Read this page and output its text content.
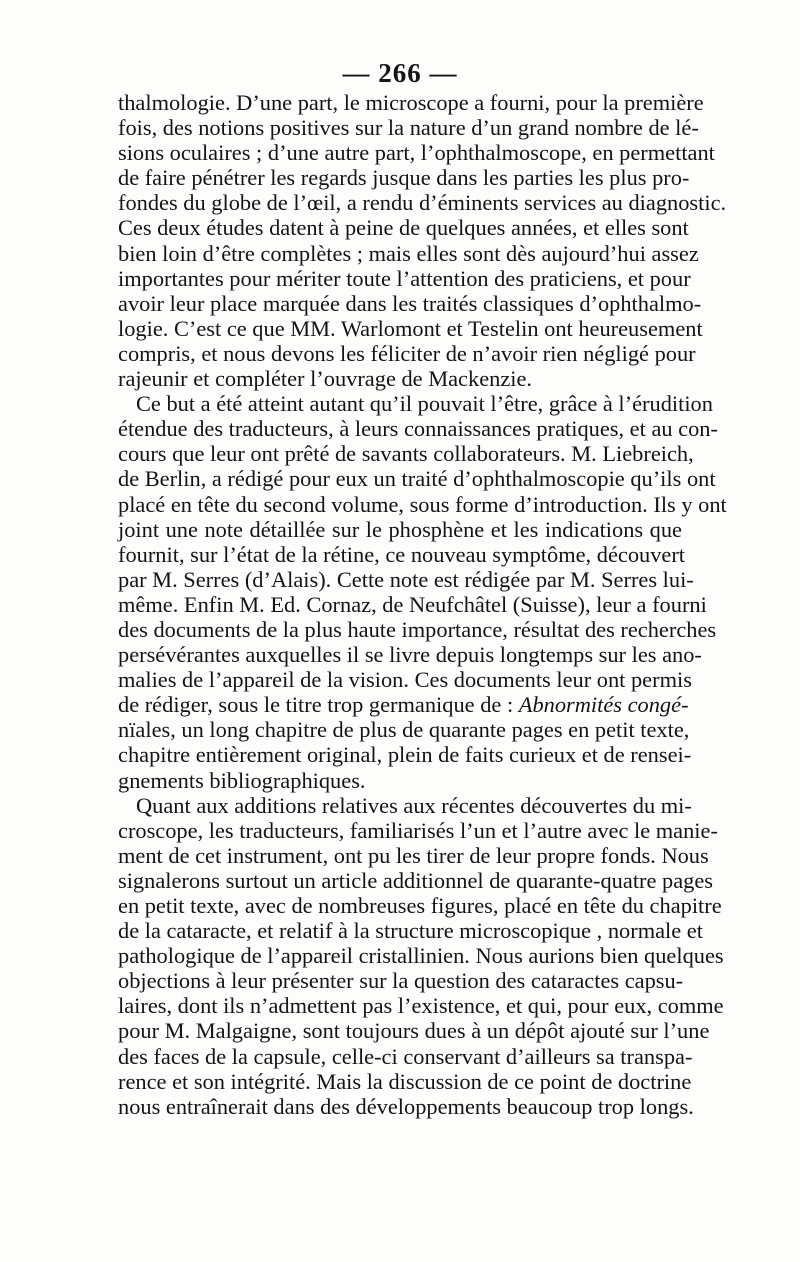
— 266 —
thalmologie. D’une part, le microscope a fourni, pour la première
fois, des notions positives sur la nature d’un grand nombre de lé-
sions oculaires ; d’une autre part, l’ophthalmoscope, en permettant
de faire pénétrer les regards jusque dans les parties les plus pro-
fondes du globe de l’œil, a rendu d’éminents services au diagnostic.
Ces deux études datent à peine de quelques années, et elles sont
bien loin d’être complètes ; mais elles sont dès aujourd’hui assez
importantes pour mériter toute l’attention des praticiens, et pour
avoir leur place marquée dans les traités classiques d’ophthalmo-
logie. C’est ce que MM. Warlomont et Testelin ont heureusement
compris, et nous devons les féliciter de n’avoir rien négligé pour
rajeunir et compléter l’ouvrage de Mackenzie.
Ce but a été atteint autant qu’il pouvait l’être, grâce à l’érudition
étendue des traducteurs, à leurs connaissances pratiques, et au con-
cours que leur ont prêté de savants collaborateurs. M. Liebreich,
de Berlin, a rédigé pour eux un traité d’ophthalmoscopie qu’ils ont
placé en tête du second volume, sous forme d’introduction. Ils y ont
joint une note détaillée sur le phosphène et les indications que
fournit, sur l’état de la rétine, ce nouveau symptôme, découvert
par M. Serres (d’Alais). Cette note est rédigée par M. Serres lui-
même. Enfin M. Ed. Cornaz, de Neufchâtel (Suisse), leur a fourni
des documents de la plus haute importance, résultat des recherches
persévérantes auxquelles il se livre depuis longtemps sur les ano-
malies de l’appareil de la vision. Ces documents leur ont permis
de rédiger, sous le titre trop germanique de : Abnormités congé-
nïales, un long chapitre de plus de quarante pages en petit texte,
chapitre entièrement original, plein de faits curieux et de rensei-
gnements bibliographiques.
Quant aux additions relatives aux récentes découvertes du mi-
croscope, les traducteurs, familiarisés l’un et l’autre avec le manie-
ment de cet instrument, ont pu les tirer de leur propre fonds. Nous
signalerons surtout un article additionnel de quarante-quatre pages
en petit texte, avec de nombreuses figures, placé en tête du chapitre
de la cataracte, et relatif à la structure microscopique , normale et
pathologique de l’appareil cristallinien. Nous aurions bien quelques
objections à leur présenter sur la question des cataractes capsu-
laires, dont ils n’admettent pas l’existence, et qui, pour eux, comme
pour M. Malgaigne, sont toujours dues à un dépôt ajouté sur l’une
des faces de la capsule, celle-ci conservant d’ailleurs sa transpa-
rence et son intégrité. Mais la discussion de ce point de doctrine
nous entraînerait dans des développements beaucoup trop longs.
